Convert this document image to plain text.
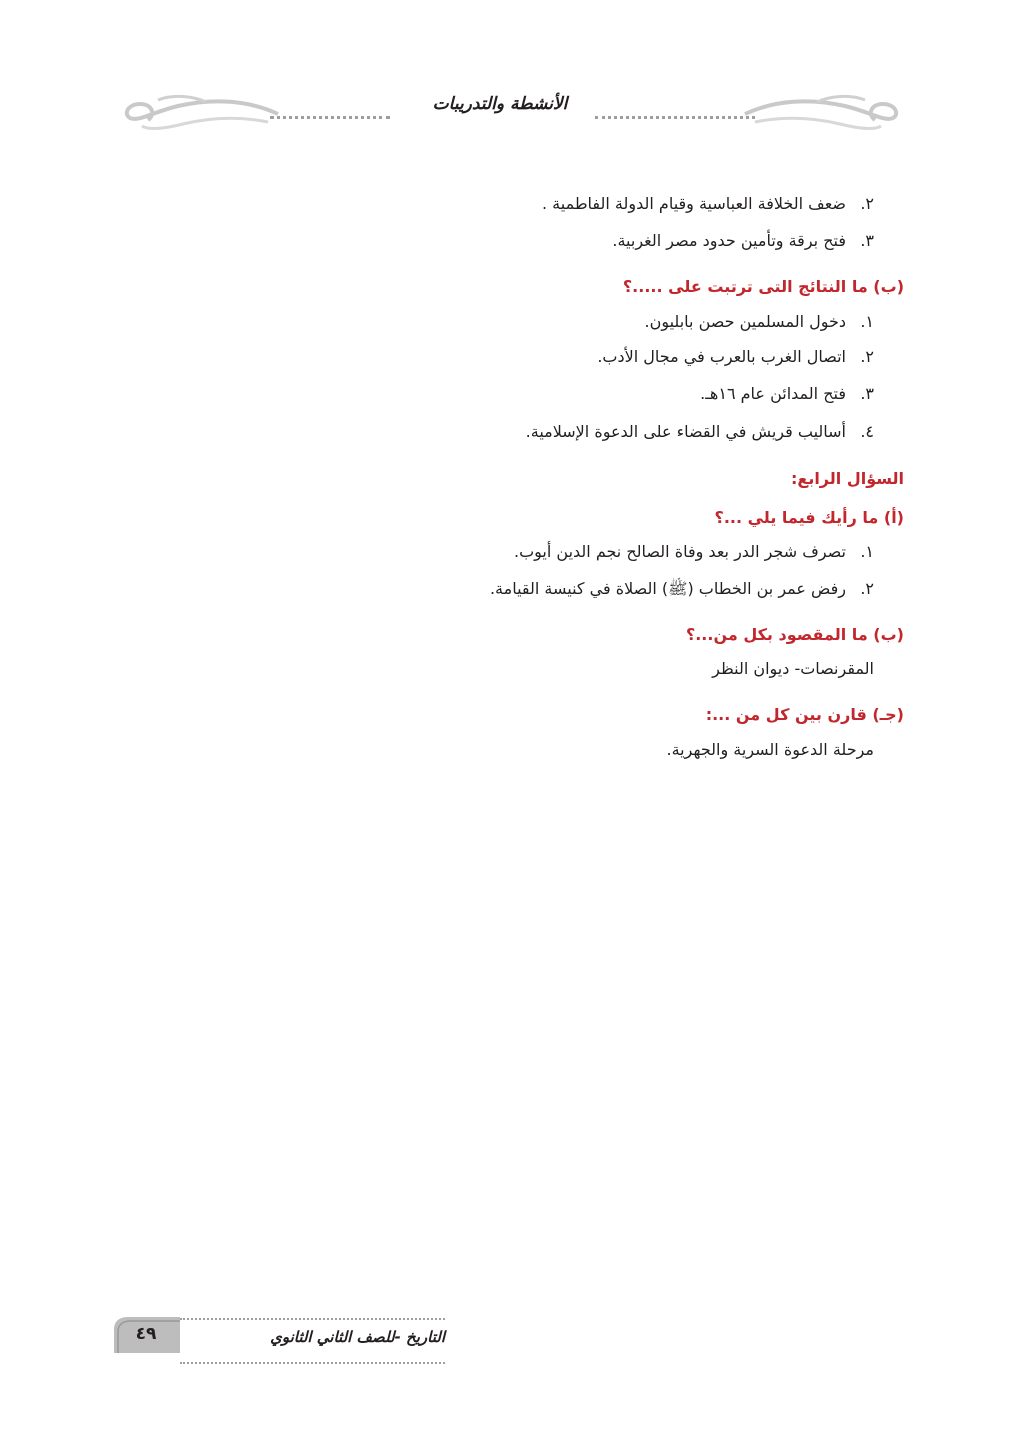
الأنشطة والتدريبات
٢.ضعف الخلافة العباسية وقيام الدولة الفاطمية .
٣.فتح برقة وتأمين حدود مصر الغربية.
(ب) ما النتائج التى ترتبت على .....؟
١.دخول المسلمين حصن بابليون.
٢.اتصال الغرب بالعرب في مجال الأدب.
٣.فتح المدائن عام ١٦هـ.
٤.أساليب قريش في القضاء على الدعوة الإسلامية.
السؤال الرابع:
(أ) ما رأيك فيما يلي ...؟
١.تصرف شجر الدر بعد وفاة الصالح نجم الدين أيوب.
٢.رفض عمر بن الخطاب (ﷺ) الصلاة في كنيسة القيامة.
(ب) ما المقصود بكل من...؟
المقرنصات- ديوان النظر
(جـ) قارن بين كل من ...:
مرحلة الدعوة السرية والجهرية.
٤٩	التاريخ -للصف الثاني الثانوي
